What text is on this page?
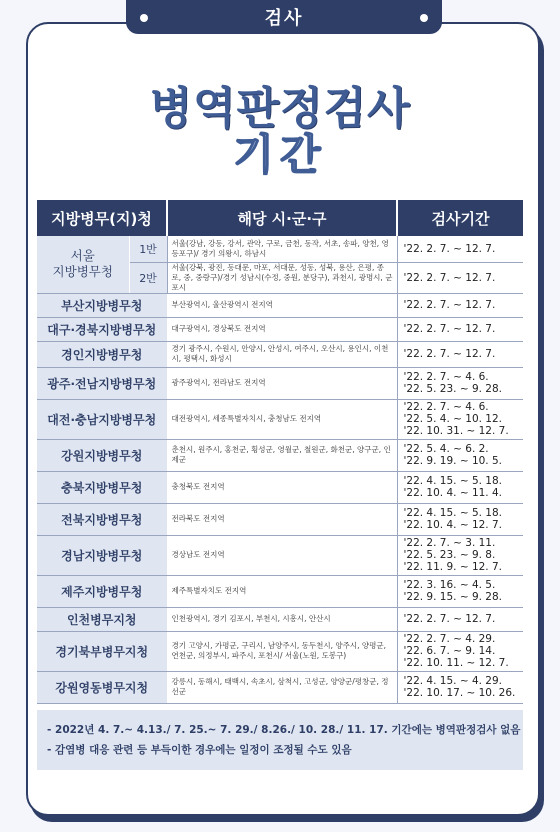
검사
병역판정검사
기간
지방병무(지)청		해당 시·군·구	검사기간
서울
지방병무청	1반	서울(강남, 강동, 강서, 관악, 구로, 금천, 동작, 서초, 송파, 양천, 영등포구)/ 경기 의왕시, 하남시	'22. 2. 7. ~ 12. 7.
	2반	서울(강북, 광진, 동대문, 마포, 서대문, 성동, 성북, 용산, 은평, 종로, 중, 중랑구)/경기 성남시(수정, 중원, 분당구), 과천시, 광명시, 군포시	'22. 2. 7. ~ 12. 7.
부산지방병무청		부산광역시, 울산광역시 전지역	'22. 2. 7. ~ 12. 7.
대구·경북지방병무청		대구광역시, 경상북도 전지역	'22. 2. 7. ~ 12. 7.
경인지방병무청		경기 광주시, 수원시, 안양시, 안성시, 여주시, 오산시, 용인시, 이천시, 평택시, 화성시	'22. 2. 7. ~ 12. 7.
광주·전남지방병무청		광주광역시, 전라남도 전지역	'22. 2. 7. ~ 4. 6.
'22. 5. 23. ~ 9. 28.
대전·충남지방병무청		대전광역시, 세종특별자치시, 충청남도 전지역	'22. 2. 7. ~ 4. 6.
'22. 5. 4. ~ 10. 12.
'22. 10. 31. ~ 12. 7.
강원지방병무청		춘천시, 원주시, 홍천군, 횡성군, 영월군, 철원군, 화천군, 양구군, 인제군	'22. 5. 4. ~ 6. 2.
'22. 9. 19. ~ 10. 5.
충북지방병무청		충청북도 전지역	'22. 4. 15. ~ 5. 18.
'22. 10. 4. ~ 11. 4.
전북지방병무청		전라북도 전지역	'22. 4. 15. ~ 5. 18.
'22. 10. 4. ~ 12. 7.
경남지방병무청		경상남도 전지역	'22. 2. 7. ~ 3. 11.
'22. 5. 23. ~ 9. 8.
'22. 11. 9. ~ 12. 7.
제주지방병무청		제주특별자치도 전지역	'22. 3. 16. ~ 4. 5.
'22. 9. 15. ~ 9. 28.
인천병무지청		인천광역시, 경기 김포시, 부천시, 시흥시, 안산시	'22. 2. 7. ~ 12. 7.
경기북부병무지청		경기 고양시, 가평군, 구리시, 남양주시, 동두천시, 양주시, 양평군, 연천군, 의정부시, 파주시, 포천시/ 서울(노원, 도봉구)	'22. 2. 7. ~ 4. 29.
'22. 6. 7. ~ 9. 14.
'22. 10. 11. ~ 12. 7.
강원영동병무지청		강릉시, 동해시, 태백시, 속초시, 삼척시, 고성군, 양양군/평창군, 정선군	'22. 4. 15. ~ 4. 29.
'22. 10. 17. ~ 10. 26.
- 2022년 4. 7.~ 4.13./ 7. 25.~ 7. 29./ 8.26./ 10. 28./ 11. 17. 기간에는 병역판정검사 없음
- 감염병 대응 관련 등 부득이한 경우에는 일정이 조정될 수도 있음
